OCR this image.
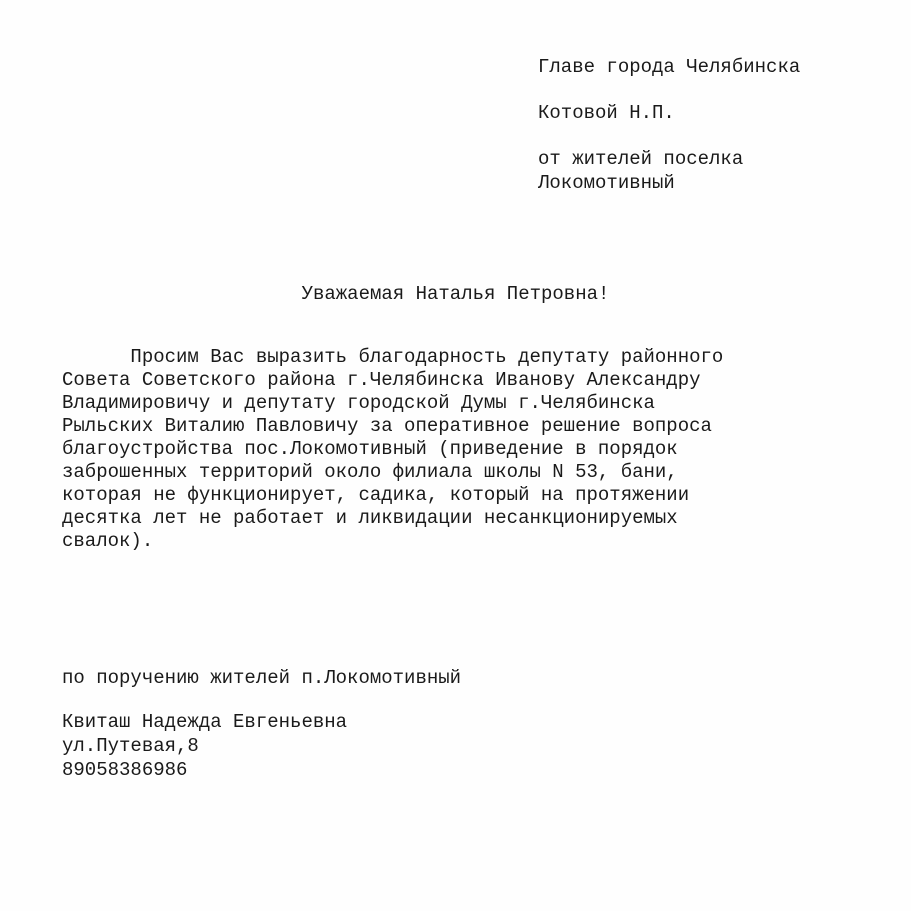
Главе города Челябинска
Котовой Н.П.
от жителей поселка
Локомотивный
Уважаемая Наталья Петровна!
Просим Вас выразить благодарность депутату районного
Совета Советского района г.Челябинска Иванову Александру
Владимировичу и депутату городской Думы г.Челябинска
Рыльских Виталию Павловичу за оперативное решение вопроса
благоустройства пос.Локомотивный (приведение в порядок
заброшенных территорий около филиала школы N 53, бани,
которая не функционирует, садика, который на протяжении
десятка лет не работает и ликвидации несанкционируемых
свалок).
по поручению жителей п.Локомотивный
Квиташ Надежда Евгеньевна
ул.Путевая,8
89058386986
